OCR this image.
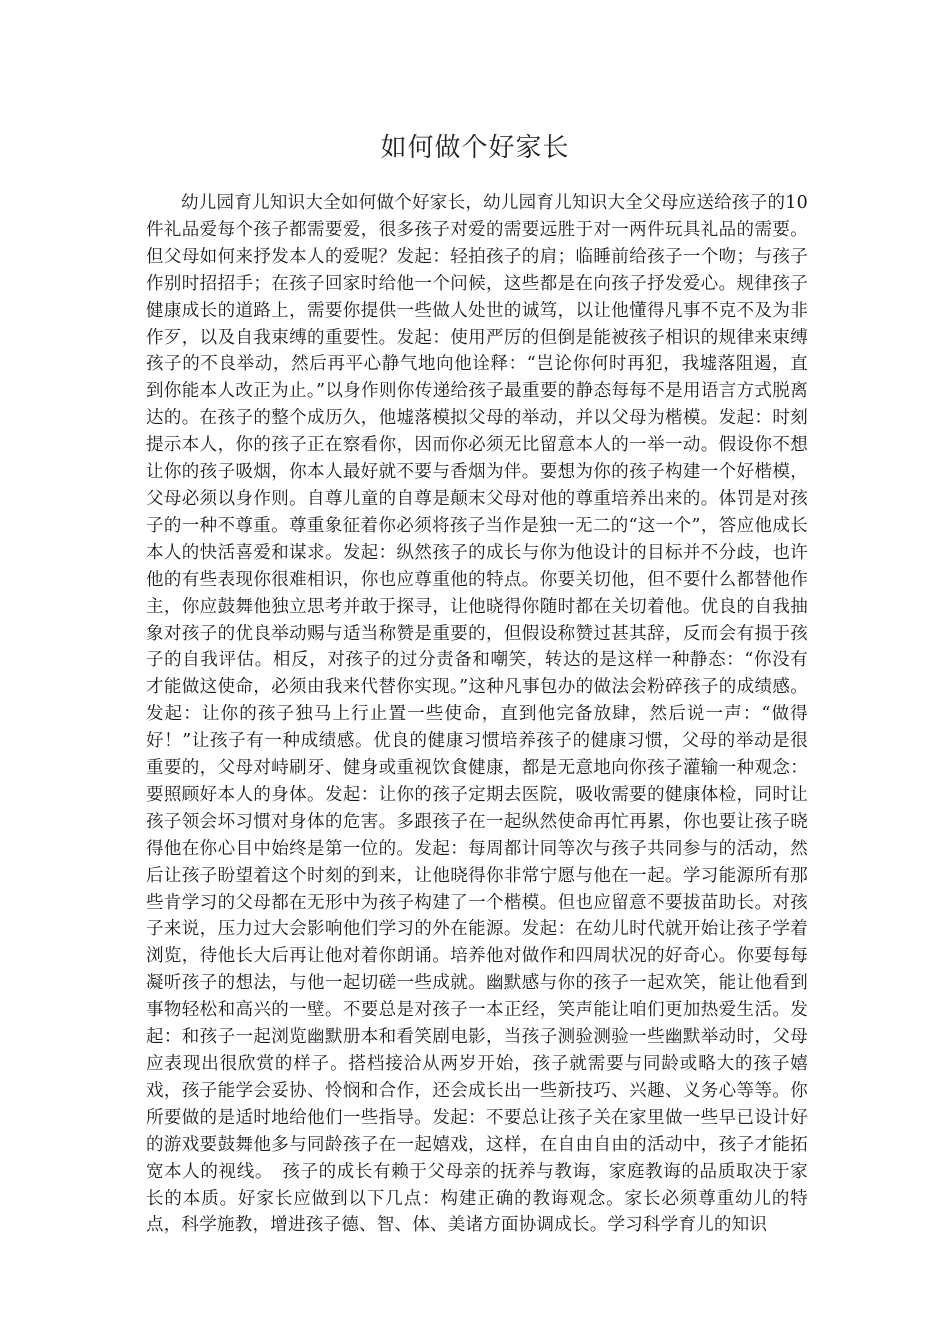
如何做个好家长

幼儿园育儿知识大全如何做个好家长，幼儿园育儿知识大全父母应送给孩子的10件礼品爱每个孩子都需要爱，很多孩子对爱的需要远胜于对一两件玩具礼品的需要。但父母如何来抒发本人的爱呢？发起：轻拍孩子的肩；临睡前给孩子一个吻；与孩子作别时招招手；在孩子回家时给他一个问候，这些都是在向孩子抒发爱心。规律孩子健康成长的道路上，需要你提供一些做人处世的诚笃，以让他懂得凡事不克不及为非作歹，以及自我束缚的重要性。发起：使用严厉的但倒是能被孩子相识的规律来束缚孩子的不良举动，然后再平心静气地向他诠释：“岂论你何时再犯，我墟落阻遏，直到你能本人改正为止。”以身作则你传递给孩子最重要的静态每每不是用语言方式脱离达的。在孩子的整个成历久，他墟落模拟父母的举动，并以父母为楷模。发起：时刻提示本人，你的孩子正在察看你，因而你必须无比留意本人的一举一动。假设你不想让你的孩子吸烟，你本人最好就不要与香烟为伴。要想为你的孩子构建一个好楷模，父母必须以身作则。自尊儿童的自尊是颠末父母对他的尊重培养出来的。体罚是对孩子的一种不尊重。尊重象征着你必须将孩子当作是独一无二的“这一个”，答应他成长本人的快活喜爱和谋求。发起：纵然孩子的成长与你为他设计的目标并不分歧，也许他的有些表现你很难相识，你也应尊重他的特点。你要关切他，但不要什么都替他作主，你应鼓舞他独立思考并敢于探寻，让他晓得你随时都在关切着他。优良的自我抽象对孩子的优良举动赐与适当称赞是重要的，但假设称赞过甚其辞，反而会有损于孩子的自我评估。相反，对孩子的过分责备和嘲笑，转达的是这样一种静态：“你没有才能做这使命，必须由我来代替你实现。”这种凡事包办的做法会粉碎孩子的成绩感。发起：让你的孩子独马上行止置一些使命，直到他完备放肆，然后说一声：“做得好！”让孩子有一种成绩感。优良的健康习惯培养孩子的健康习惯，父母的举动是很重要的，父母对峙刷牙、健身或重视饮食健康，都是无意地向你孩子灌输一种观念：要照顾好本人的身体。发起：让你的孩子定期去医院，吸收需要的健康体检，同时让孩子领会坏习惯对身体的危害。多跟孩子在一起纵然使命再忙再累，你也要让孩子晓得他在你心目中始终是第一位的。发起：每周都计同等次与孩子共同参与的活动，然后让孩子盼望着这个时刻的到来，让他晓得你非常宁愿与他在一起。学习能源所有那些肯学习的父母都在无形中为孩子构建了一个楷模。但也应留意不要拔苗助长。对孩子来说，压力过大会影响他们学习的外在能源。发起：在幼儿时代就开始让孩子学着浏览，待他长大后再让他对着你朗诵。培养他对做作和四周状况的好奇心。你要每每凝听孩子的想法，与他一起切磋一些成就。幽默感与你的孩子一起欢笑，能让他看到事物轻松和高兴的一壁。不要总是对孩子一本正经，笑声能让咱们更加热爱生活。发起：和孩子一起浏览幽默册本和看笑剧电影，当孩子测验测验一些幽默举动时，父母应表现出很欣赏的样子。搭档接洽从两岁开始，孩子就需要与同龄或略大的孩子嬉戏，孩子能学会妥协、怜悯和合作，还会成长出一些新技巧、兴趣、义务心等等。你所要做的是适时地给他们一些指导。发起：不要总让孩子关在家里做一些早已设计好的游戏要鼓舞他多与同龄孩子在一起嬉戏，这样，在自由自由的活动中，孩子才能拓宽本人的视线。　孩子的成长有赖于父母亲的抚养与教诲，家庭教诲的品质取决于家长的本质。好家长应做到以下几点：构建正确的教诲观念。家长必须尊重幼儿的特点，科学施教，增进孩子德、智、体、美诸方面协调成长。学习科学育儿的知识
